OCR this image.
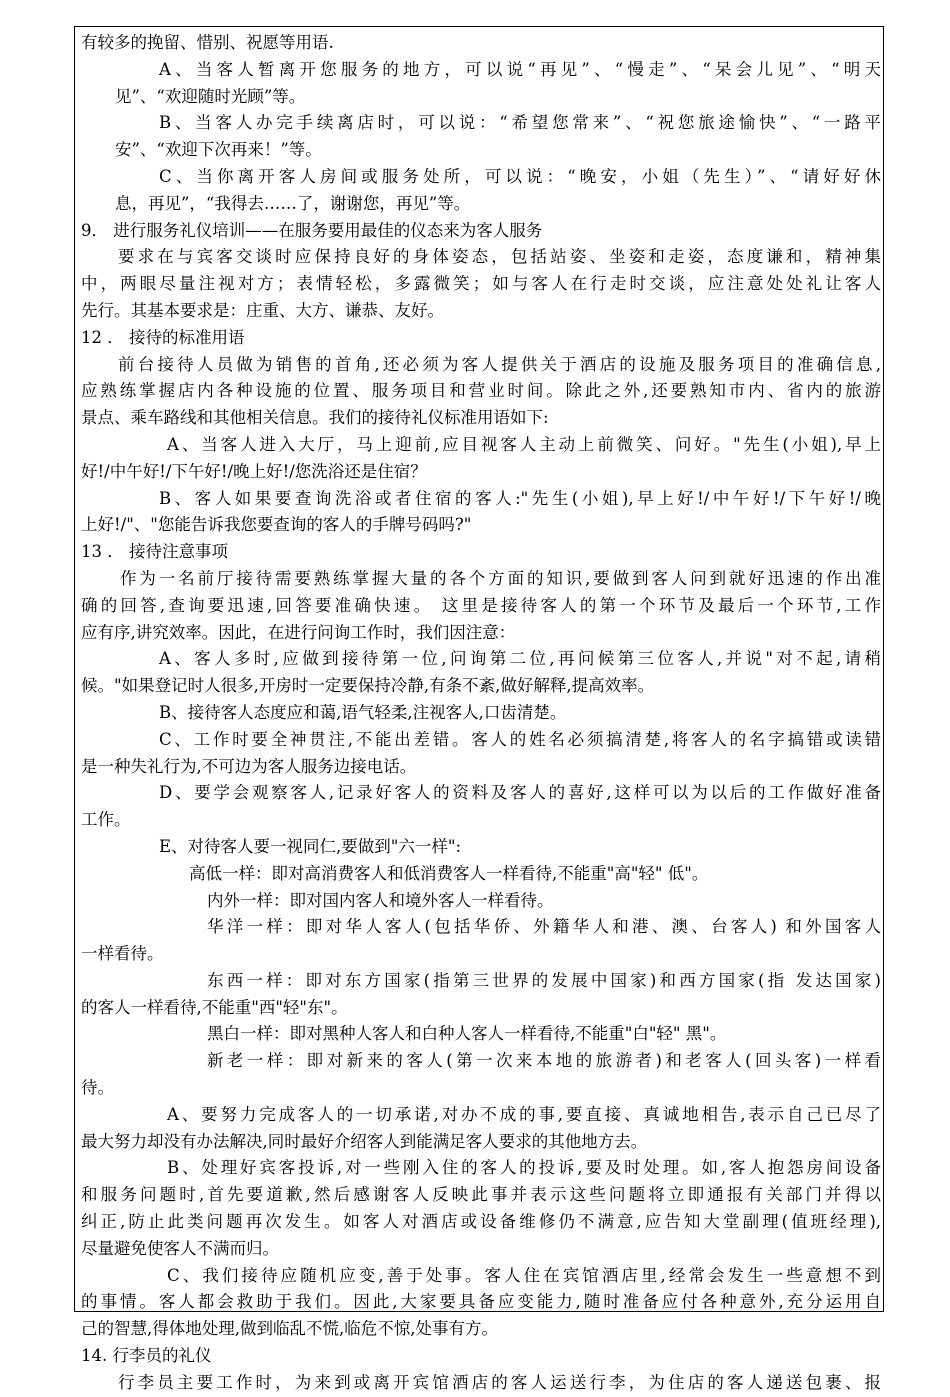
有较多的挽留、惜别、祝愿等用语.
A、当客人暂离开您服务的地方，可以说“再见”、“慢走”、“呆会儿见”、“明天
见”、“欢迎随时光顾”等。
B、当客人办完手续离店时，可以说：“希望您常来”、“祝您旅途愉快”、“一路平
安”、“欢迎下次再来！”等。
C、当你离开客人房间或服务处所，可以说：“晚安，小姐（先生）”、“请好好休
息，再见”，“我得去……了，谢谢您，再见”等。
9． 进行服务礼仪培训——在服务要用最佳的仪态来为客人服务
要求在与宾客交谈时应保持良好的身体姿态，包括站姿、坐姿和走姿，态度谦和，精神集
中，两眼尽量注视对方；表情轻松，多露微笑；如与客人在行走时交谈，应注意处处礼让客人
先行。其基本要求是：庄重、大方、谦恭、友好。
12 ． 接待的标准用语
前台接待人员做为销售的首角,还必须为客人提供关于酒店的设施及服务项目的准确信息,
应熟练掌握店内各种设施的位置、服务项目和营业时间。除此之外,还要熟知市内、省内的旅游
景点、乘车路线和其他相关信息。我们的接待礼仪标准用语如下:
A、当客人进入大厅，马上迎前,应目视客人主动上前微笑、问好。"先生(小姐),早上
好!/中午好!/下午好!/晚上好!/您洗浴还是住宿？
B、客人如果要查询洗浴或者住宿的客人:"先生(小姐),早上好!/中午好!/下午好!/晚
上好!/"、"您能告诉我您要查询的客人的手牌号码吗?"
13 ． 接待注意事项
作为一名前厅接待需要熟练掌握大量的各个方面的知识,要做到客人问到就好迅速的作出准
确的回答,查询要迅速,回答要准确快速。 这里是接待客人的第一个环节及最后一个环节,工作
应有序,讲究效率。因此，在进行问询工作时，我们因注意：
A、客人多时,应做到接待第一位,问询第二位,再问候第三位客人,并说"对不起,请稍
候。"如果登记时人很多,开房时一定要保持冷静,有条不紊,做好解释,提高效率。
B、接待客人态度应和蔼,语气轻柔,注视客人,口齿清楚。
C、工作时要全神贯注,不能出差错。客人的姓名必须搞清楚,将客人的名字搞错或读错
是一种失礼行为,不可边为客人服务边接电话。
D、要学会观察客人,记录好客人的资料及客人的喜好,这样可以为以后的工作做好准备
工作。
E、对待客人要一视同仁,要做到"六一样":
高低一样：即对高消费客人和低消费客人一样看待,不能重"高"轻" 低"。
内外一样：即对国内客人和境外客人一样看待。
华洋一样：即对华人客人(包括华侨、外籍华人和港、澳、台客人) 和外国客人
一样看待。
东西一样：即对东方国家(指第三世界的发展中国家)和西方国家(指 发达国家)
的客人一样看待,不能重"西"轻"东"。
黑白一样：即对黑种人客人和白种人客人一样看待,不能重"白"轻" 黑"。
新老一样：即对新来的客人(第一次来本地的旅游者)和老客人(回头客)一样看
待。
A、要努力完成客人的一切承诺,对办不成的事,要直接、真诚地相告,表示自己已尽了
最大努力却没有办法解决,同时最好介绍客人到能满足客人要求的其他地方去。
B、处理好宾客投诉,对一些刚入住的客人的投诉,要及时处理。如,客人抱怨房间设备
和服务问题时,首先要道歉,然后感谢客人反映此事并表示这些问题将立即通报有关部门并得以
纠正,防止此类问题再次发生。如客人对酒店或设备维修仍不满意,应告知大堂副理(值班经理),
尽量避免使客人不满而归。
C、我们接待应随机应变,善于处事。客人住在宾馆酒店里,经常会发生一些意想不到
的事情。客人都会救助于我们。因此,大家要具备应变能力,随时准备应付各种意外,充分运用自
己的智慧,得体地处理,做到临乱不慌,临危不惊,处事有方。
14. 行李员的礼仪
行李员主要工作时，为来到或离开宾馆酒店的客人运送行李，为住店的客人递送包裹、报
